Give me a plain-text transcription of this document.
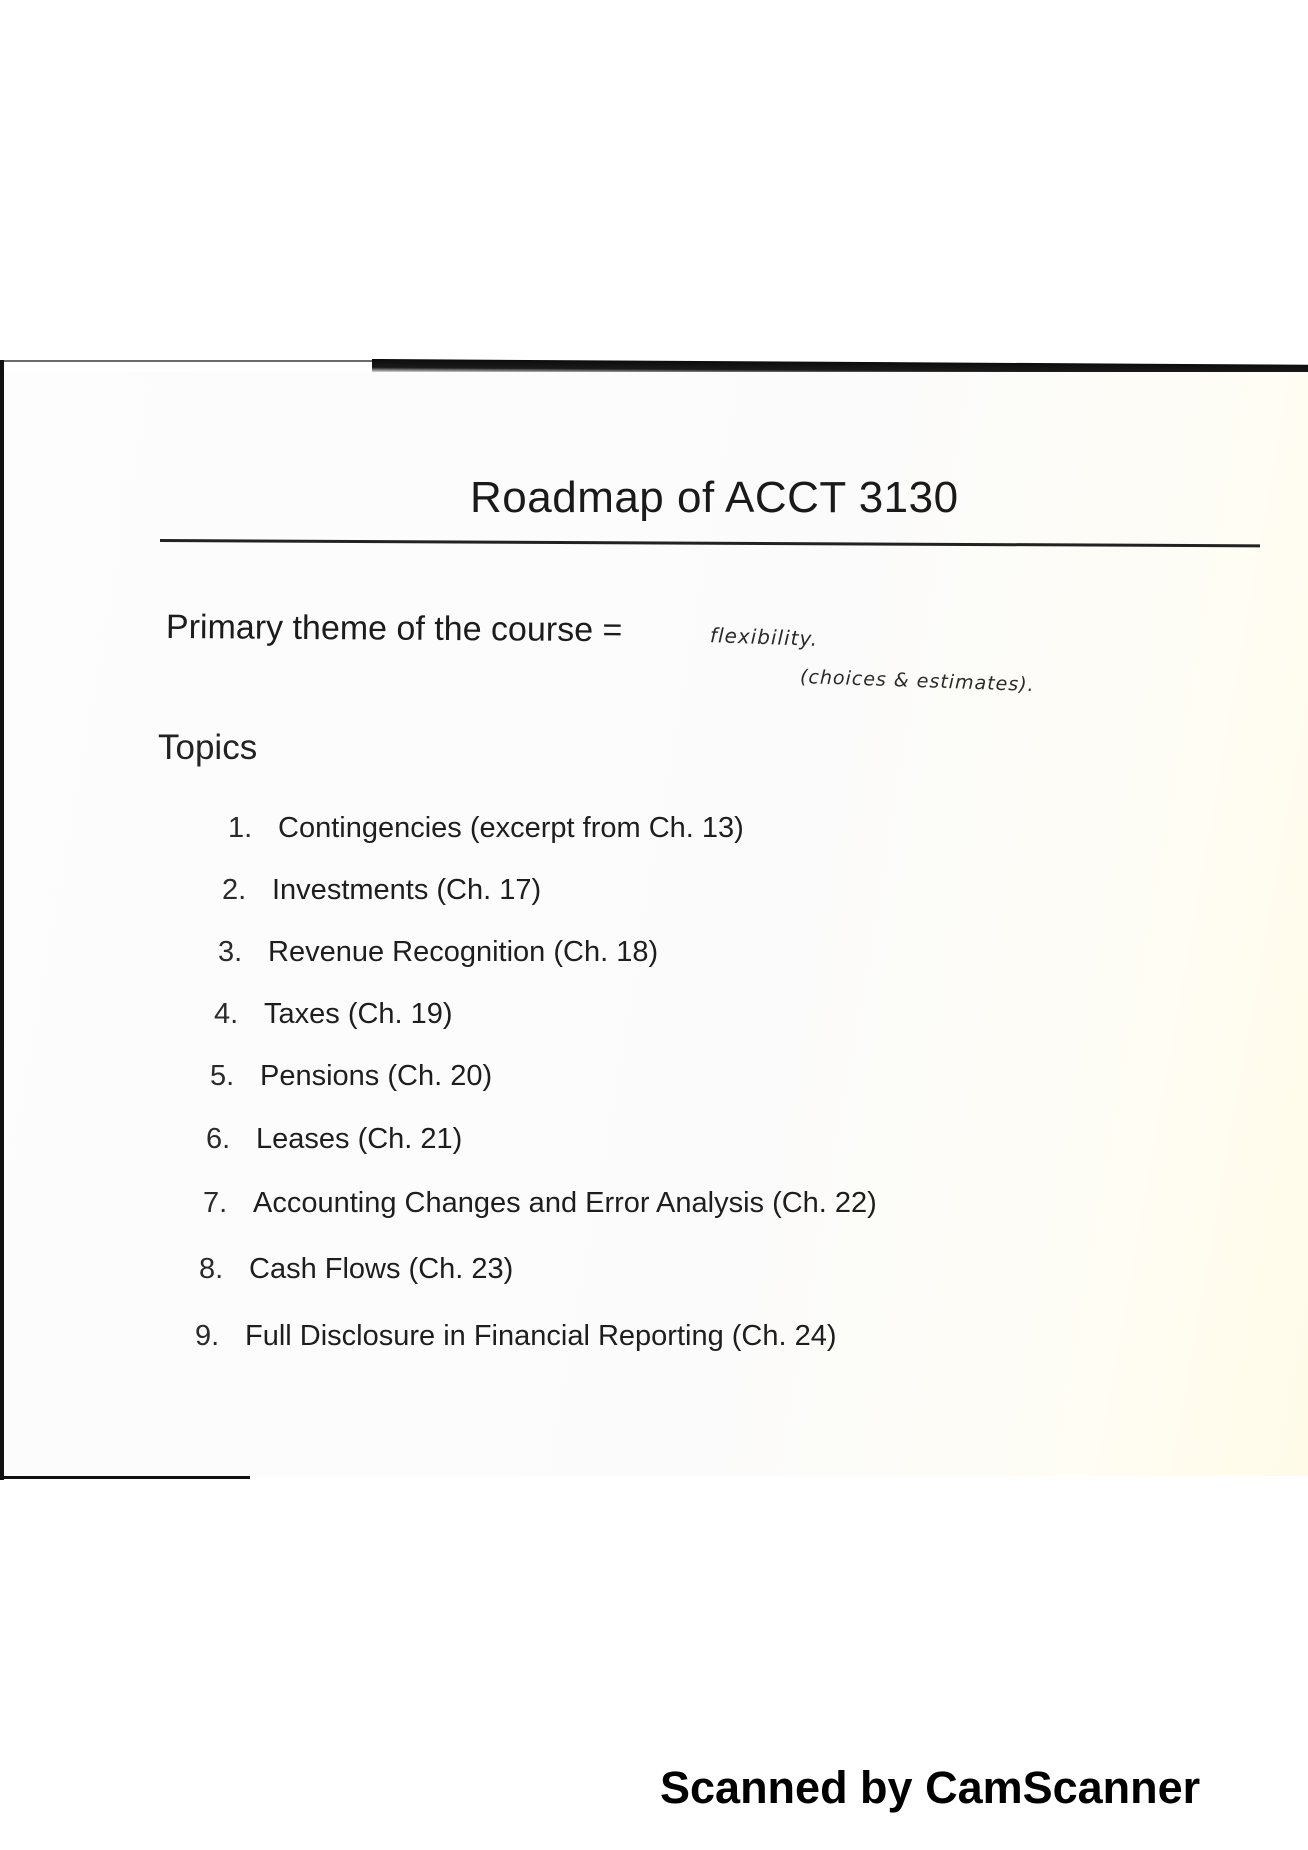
Roadmap of ACCT 3130
Primary theme of the course =	flexibility.
(choices & estimates).
Topics
1. Contingencies (excerpt from Ch. 13)
2. Investments (Ch. 17)
3. Revenue Recognition (Ch. 18)
4. Taxes (Ch. 19)
5. Pensions (Ch. 20)
6. Leases (Ch. 21)
7. Accounting Changes and Error Analysis (Ch. 22)
8. Cash Flows (Ch. 23)
9. Full Disclosure in Financial Reporting (Ch. 24)
Scanned by CamScanner
